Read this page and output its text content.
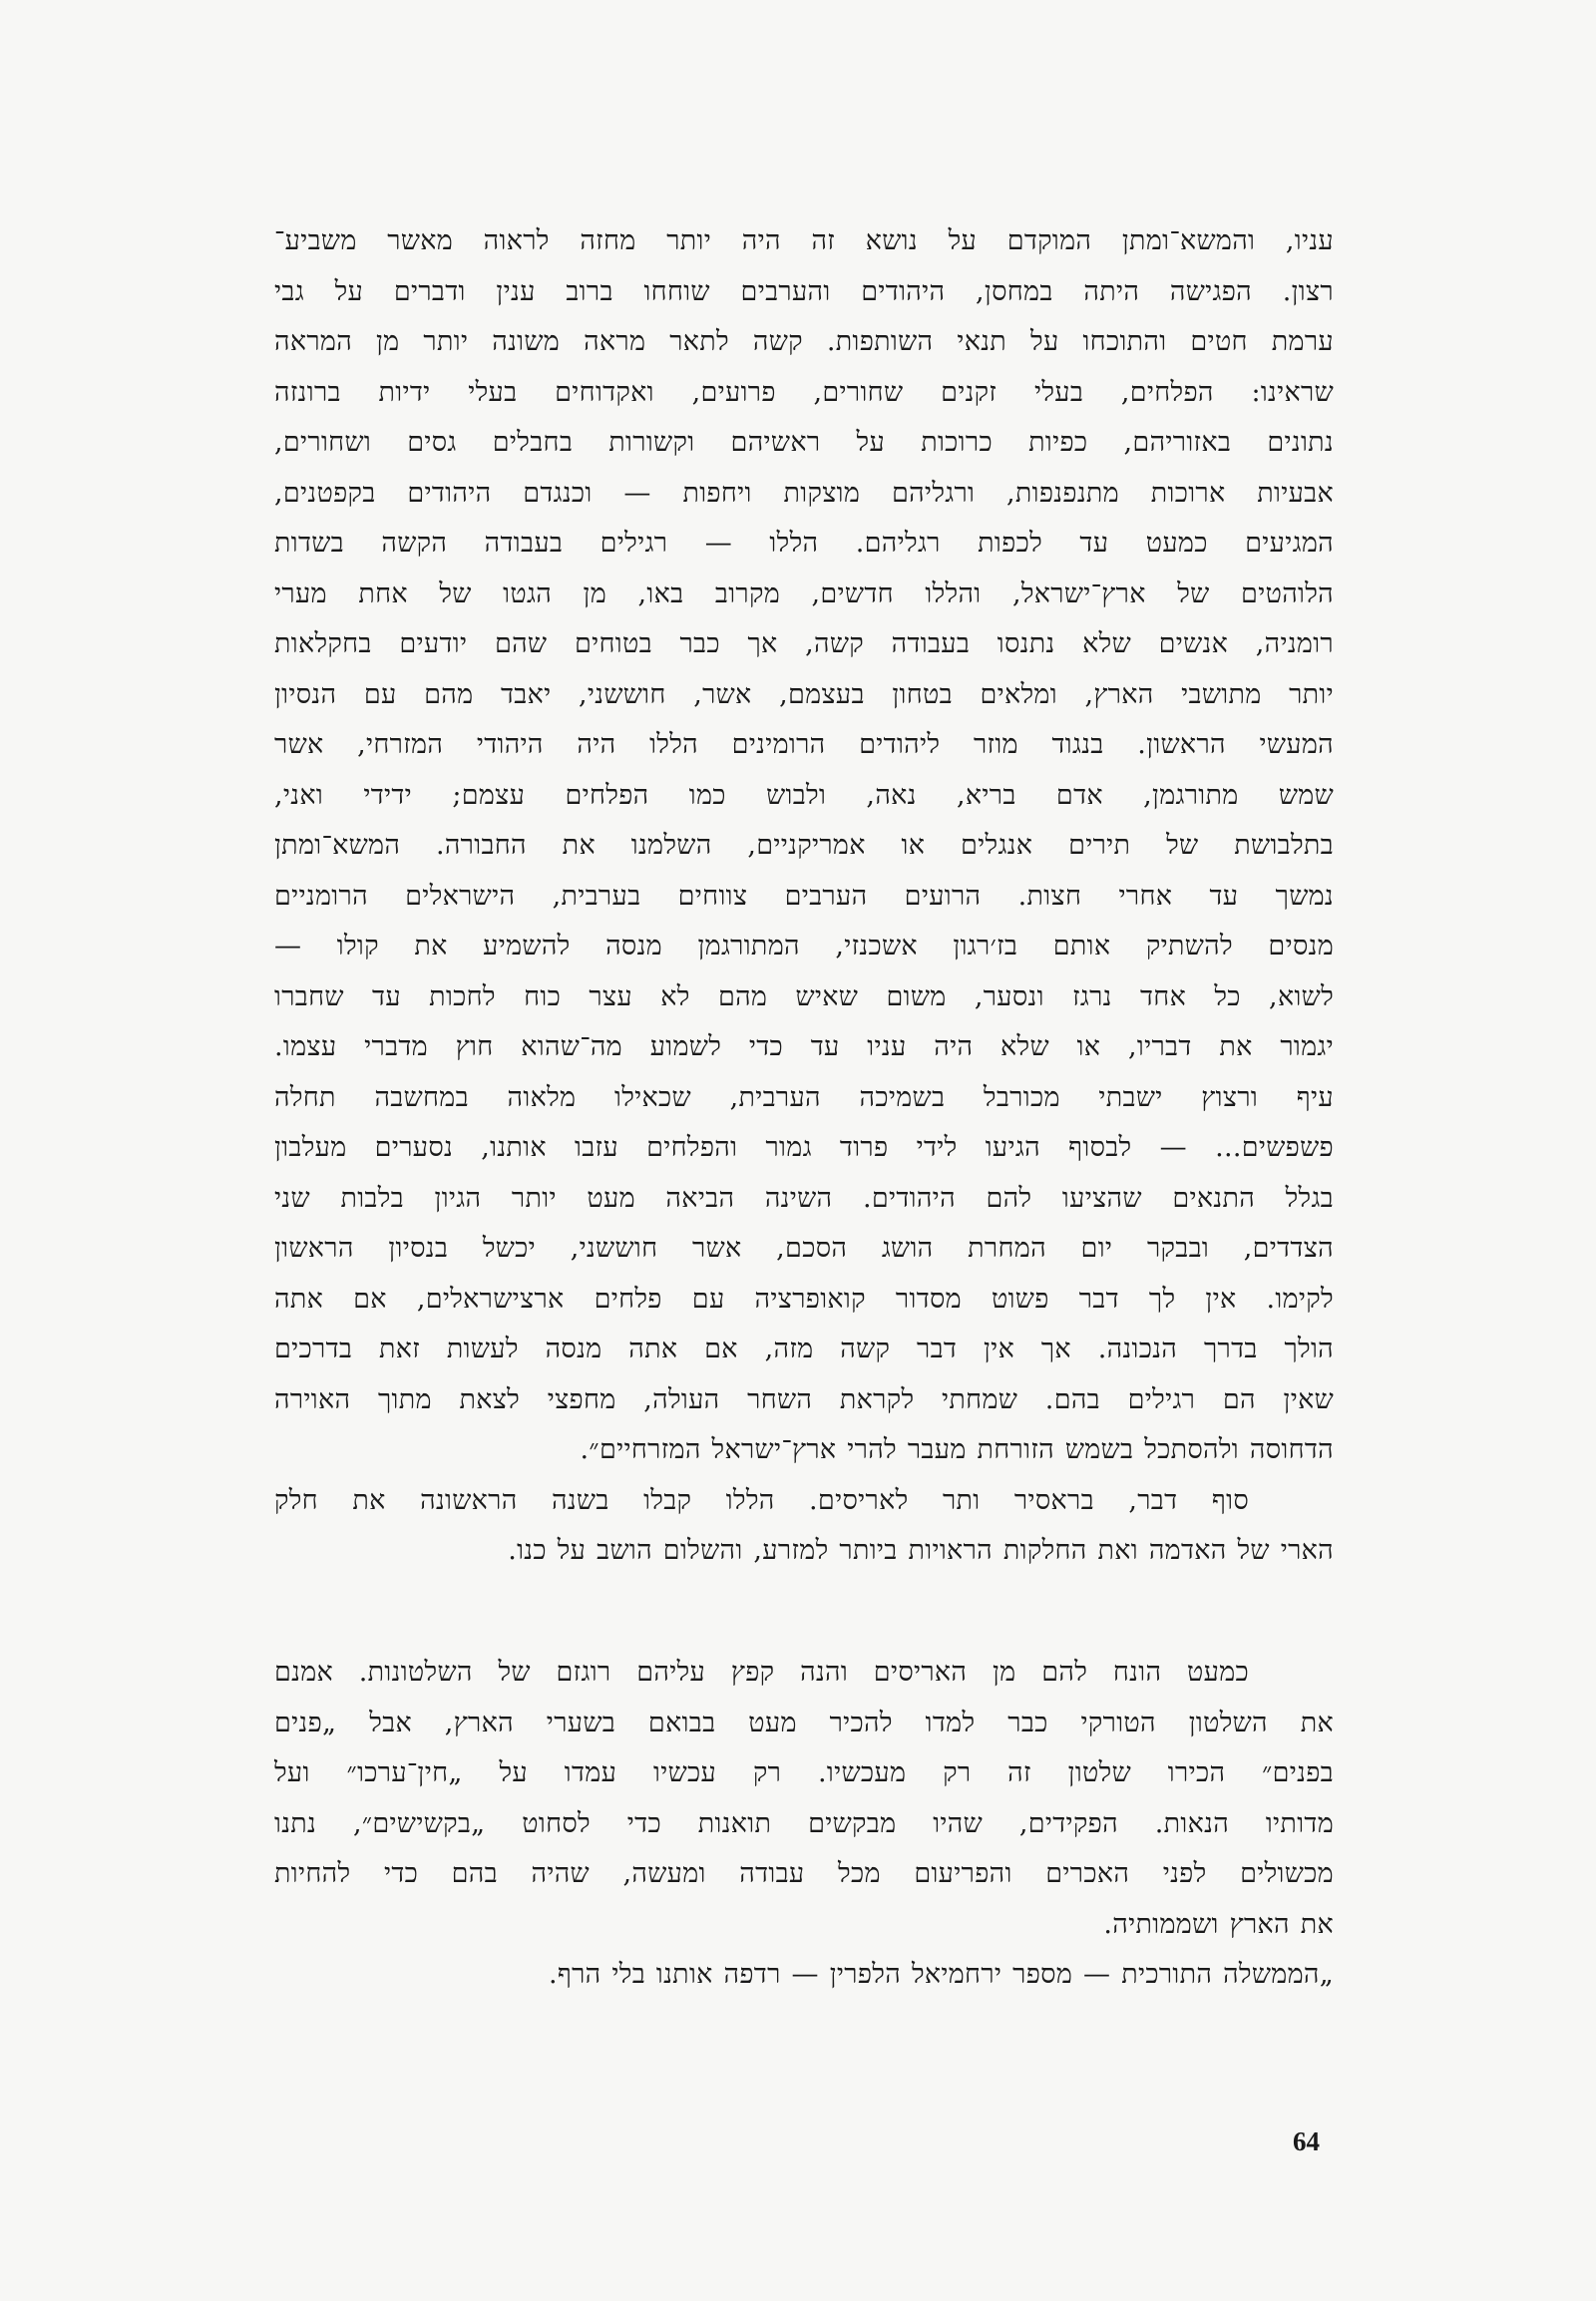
עניו, והמשא־ומתן המוקדם על נושא זה היה יותר מחזה לראוה מאשר משביע־
רצון. הפגישה היתה במחסן, היהודים והערבים שוחחו ברוב ענין ודברים על גבי
ערמת חטים והתוכחו על תנאי השותפות. קשה לתאר מראה משונה יותר מן המראה
שראינו: הפלחים, בעלי זקנים שחורים, פרועים, ואקדוחים בעלי ידיות ברונזה
נתונים באזוריהם, כפיות כרוכות על ראשיהם וקשורות בחבלים גסים ושחורים,
אבעיות ארוכות מתנפנפות, ורגליהם מוצקות ויחפות — וכנגדם היהודים בקפטנים,
המגיעים כמעט עד לכפות רגליהם. הללו — רגילים בעבודה הקשה בשדות
הלוהטים של ארץ־ישראל, והללו חדשים, מקרוב באו, מן הגטו של אחת מערי
רומניה, אנשים שלא נתנסו בעבודה קשה, אך כבר בטוחים שהם יודעים בחקלאות
יותר מתושבי הארץ, ומלאים בטחון בעצמם, אשר, חוששני, יאבד מהם עם הנסיון
המעשי הראשון. בנגוד מוזר ליהודים הרומינים הללו היה היהודי המזרחי, אשר
שמש מתורגמן, אדם בריא, נאה, ולבוש כמו הפלחים עצמם; ידידי ואני,
בתלבושת של תירים אנגלים או אמריקניים, השלמנו את החבורה. המשא־ומתן
נמשך עד אחרי חצות. הרועים הערבים צווחים בערבית, הישראלים הרומניים
מנסים להשתיק אותם בז׳רגון אשכנזי, המתורגמן מנסה להשמיע את קולו —
לשוא, כל אחד נרגז ונסער, משום שאיש מהם לא עצר כוח לחכות עד שחברו
יגמור את דבריו, או שלא היה עניו עד כדי לשמוע מה־שהוא חוץ מדברי עצמו.
עיף ורצוץ ישבתי מכורבל בשמיכה הערבית, שכאילו מלאוה במחשבה תחלה
פשפשים... — לבסוף הגיעו לידי פרוד גמור והפלחים עזבו אותנו, נסערים מעלבון
בגלל התנאים שהציעו להם היהודים. השינה הביאה מעט יותר הגיון בלבות שני
הצדדים, ובבקר יום המחרת הושג הסכם, אשר חוששני, יכשל בנסיון הראשון
לקימו. אין לך דבר פשוט מסדור קואופרציה עם פלחים ארצישראלים, אם אתה
הולך בדרך הנכונה. אך אין דבר קשה מזה, אם אתה מנסה לעשות זאת בדרכים
שאין הם רגילים בהם. שמחתי לקראת השחר העולה, מחפצי לצאת מתוך האוירה
הדחוסה ולהסתכל בשמש הזורחת מעבר להרי ארץ־ישראל המזרחיים״.
סוף דבר, בראסיר ותר לאריסים. הללו קבלו בשנה הראשונה את חלק
הארי של האדמה ואת החלקות הראויות ביותר למזרע, והשלום הושב על כנו.
כמעט הונח להם מן האריסים והנה קפץ עליהם רוגזם של השלטונות. אמנם
את השלטון הטורקי כבר למדו להכיר מעט בבואם בשערי הארץ, אבל „פנים
בפנים״ הכירו שלטון זה רק מעכשיו. רק עכשיו עמדו על „חין־ערכו״ ועל
מדותיו הנאות. הפקידים, שהיו מבקשים תואנות כדי לסחוט „בקשישים״, נתנו
מכשולים לפני האכרים והפריעום מכל עבודה ומעשה, שהיה בהם כדי להחיות
את הארץ ושממותיה.
„הממשלה התורכית — מספר ירחמיאל הלפרין — רדפה אותנו בלי הרף.
64
